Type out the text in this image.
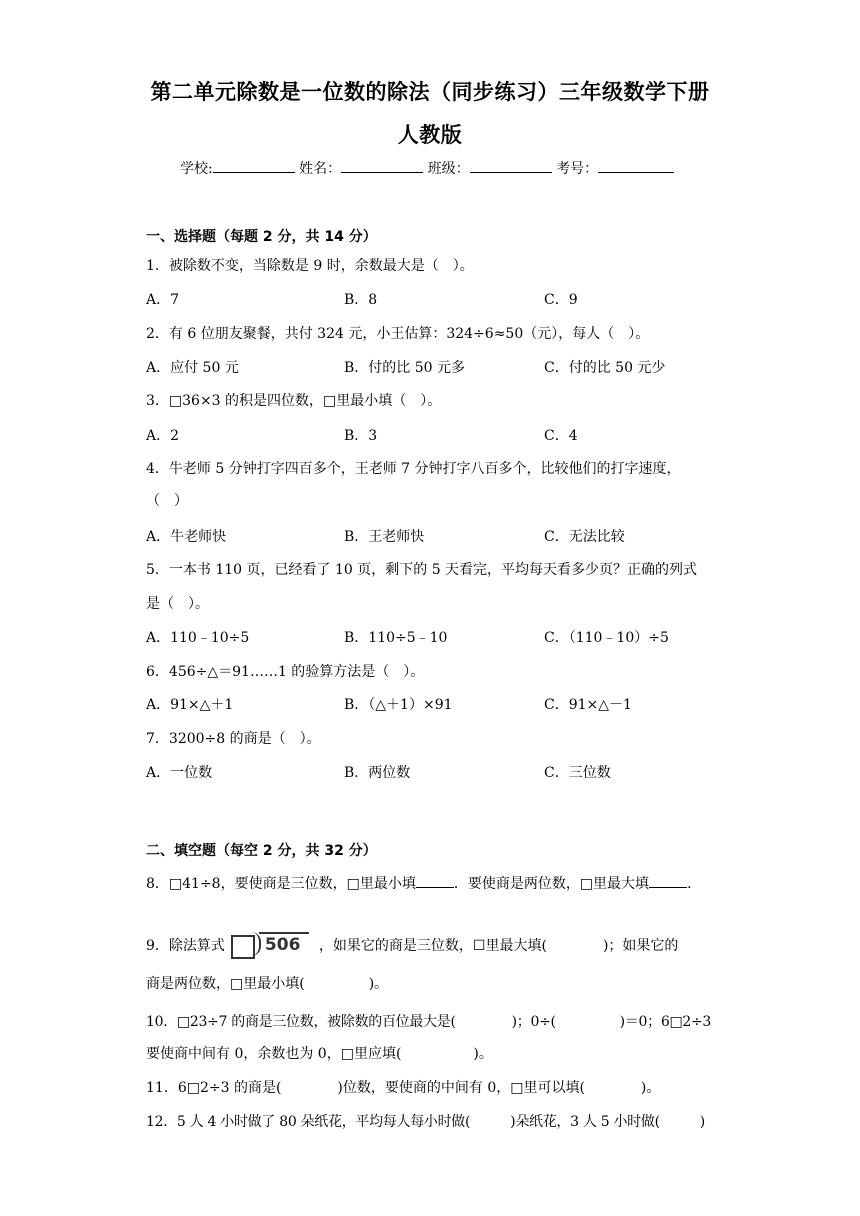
第二单元除数是一位数的除法（同步练习）三年级数学下册
人教版
学校:	姓名：	班级：	考号：
一、选择题（每题 2 分，共 14 分）
1．被除数不变，当除数是 9 时，余数最大是（　）。
A．7	B．8	C．9
2．有 6 位朋友聚餐，共付 324 元，小王估算：324÷6≈50（元），每人（　）。
A．应付 50 元	B．付的比 50 元多	C．付的比 50 元少
3．□36×3 的积是四位数，□里最小填（　）。
A．2	B．3	C．4
4．牛老师 5 分钟打字四百多个，王老师 7 分钟打字八百多个，比较他们的打字速度，
（　）
A．牛老师快	B．王老师快	C．无法比较
5．一本书 110 页，已经看了 10 页，剩下的 5 天看完，平均每天看多少页？正确的列式
是（　）。
A．110﹣10÷5	B．110÷5﹣10	C．（110﹣10）÷5
6．456÷△＝91……1 的验算方法是（　）。
A．91×△＋1	B．（△＋1）×91	C．91×△－1
7．3200÷8 的商是（　）。
A．一位数	B．两位数	C．三位数
二、填空题（每空 2 分，共 32 分）
8．□41÷8，要使商是三位数，□里最小填	．要使商是两位数，□里最大填	．
9．除法算式 506 ，如果它的商是三位数，☐里最大填(	)；如果它的
商是两位数，□里最小填(	)。
10．□23÷7 的商是三位数，被除数的百位最大是(	)；0÷(	)＝0；6□2÷3
要使商中间有 0，余数也为 0，□里应填(	)。
11．6□2÷3 的商是(	)位数，要使商的中间有 0，□里可以填(	)。
12．5 人 4 小时做了 80 朵纸花，平均每人每小时做(	)朵纸花，3 人 5 小时做(	)
